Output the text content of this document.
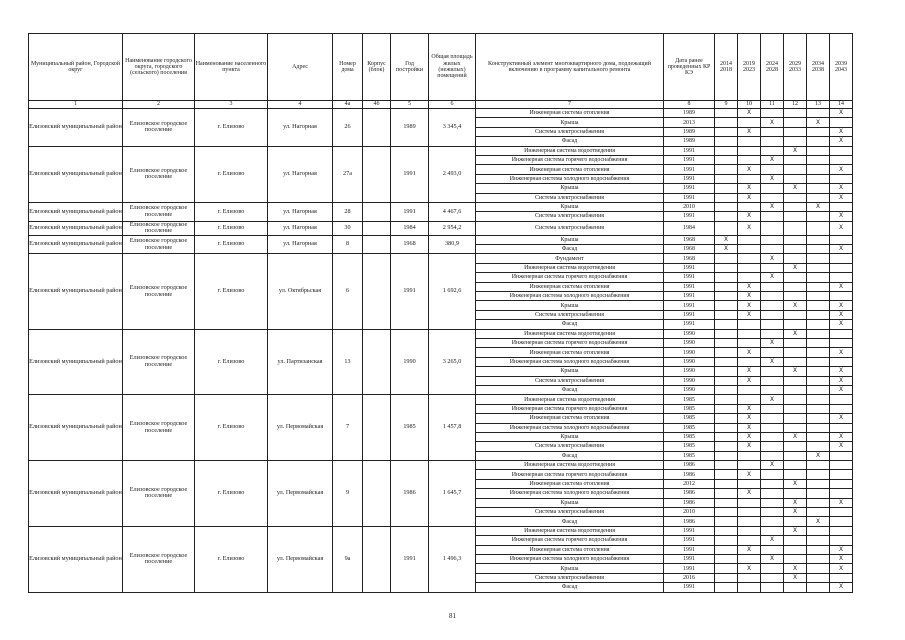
Муниципальный район, Городской округ	Наименование городского округа, городского (сельского) поселения	Наименование населенного пункта	Адрес	Номер дома	Корпус (блок)	Год постройки	Общая площадь жилых (нежилых) помещений	Конструктивный элемент многоквартирного дома, подлежащий включению в программу капитального ремонта	Дата ранее проведенных КР КЭ	2014 2018	2019 2023	2024 2028	2029 2033	2034 2038	2039 2043
1	2	3	4	4а	4б	5	6	7	8	9	10	11	12	13	14
Елизовский муниципальный район	Елизовское городское поселение	г. Елизово	ул. Нагорная	26		1989	3 345,4	Инженерная система отопления	1989		X				X
								Крыша	2013			X		X	
								Система электроснабжения	1989		X				X
								Фасад	1989						X
Елизовский муниципальный район	Елизовское городское поселение	г. Елизово	ул. Нагорная	27а		1991	2 493,0	Инженерная система водоотведения	1991				X		
								Инженерная система горячего водоснабжения	1991			X			
								Инженерная система отопления	1991		X				X
								Инженерная система холодного водоснабжения	1991			X			
								Крыша	1991		X		X		X
								Система электроснабжения	1991		X				X
Елизовский муниципальный район	Елизовское городское поселение	г. Елизово	ул. Нагорная	28		1991	4 467,6	Крыша	2010			X		X	
								Система электроснабжения	1991		X				X
Елизовский муниципальный район	Елизовское городское поселение	г. Елизово	ул. Нагорная	30		1984	2 954,2	Система электроснабжения	1984		X				X
Елизовский муниципальный район	Елизовское городское поселение	г. Елизово	ул. Нагорная	8		1968	380,9	Крыша	1968	X					
								Фасад	1968	X					X
Елизовский муниципальный район	Елизовское городское поселение	г. Елизово	ул. Октябрьская	6		1991	1 692,6	Фундамент	1968			X			
								Инженерная система водоотведения	1991				X		
								Инженерная система горячего водоснабжения	1991			X			
								Инженерная система отопления	1991		X				X
								Инженерная система холодного водоснабжения	1991		X				
								Крыша	1991		X		X		X
								Система электроснабжения	1991		X				X
								Фасад	1991						X
Елизовский муниципальный район	Елизовское городское поселение	г. Елизово	ул. Партизанская	13		1990	3 265,0	Инженерная система водоотведения	1990				X		
								Инженерная система горячего водоснабжения	1990			X			
								Инженерная система отопления	1990		X				X
								Инженерная система холодного водоснабжения	1990			X			
								Крыша	1990		X		X		X
								Система электроснабжения	1990		X				X
								Фасад	1990						X
Елизовский муниципальный район	Елизовское городское поселение	г. Елизово	ул. Первомайская	7		1985	1 457,8	Инженерная система водоотведения	1985			X			
								Инженерная система горячего водоснабжения	1985		X				
								Инженерная система отопления	1985		X				X
								Инженерная система холодного водоснабжения	1985		X				
								Крыша	1985		X		X		X
								Система электроснабжения	1985		X				X
								Фасад	1985					X	
Елизовский муниципальный район	Елизовское городское поселение	г. Елизово	ул. Первомайская	9		1986	1 645,7	Инженерная система водоотведения	1986			X			
								Инженерная система горячего водоснабжения	1986		X				
								Инженерная система отопления	2012				X		
								Инженерная система холодного водоснабжения	1986		X				
								Крыша	1986				X		X
								Система электроснабжения	2010				X		
								Фасад	1986					X	
Елизовский муниципальный район	Елизовское городское поселение	г. Елизово	ул. Первомайская	9а		1991	1 496,3	Инженерная система водоотведения	1991				X		
								Инженерная система горячего водоснабжения	1991			X			
								Инженерная система отопления	1991		X				X
								Инженерная система холодного водоснабжения	1991			X			X
								Крыша	1991		X		X		X
								Система электроснабжения	2016				X		
								Фасад	1991						X
81
